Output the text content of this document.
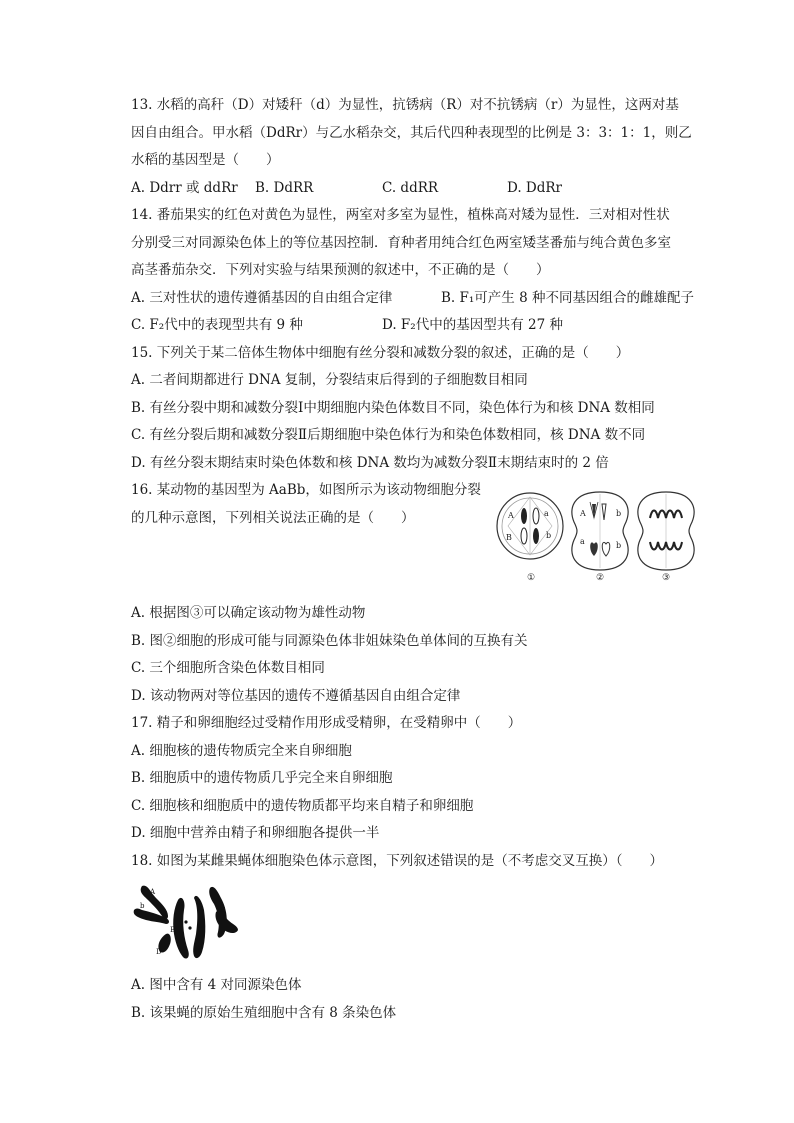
13. 水稻的高秆（D）对矮秆（d）为显性，抗锈病（R）对不抗锈病（r）为显性，这两对基
因自由组合。甲水稻（DdRr）与乙水稻杂交，其后代四种表现型的比例是 3：3：1：1，则乙
水稻的基因型是（　　）
A. Ddrr 或 ddRr B. DdRR	C. ddRR	D. DdRr
14. 番茄果实的红色对黄色为显性，两室对多室为显性，植株高对矮为显性．三对相对性状
分别受三对同源染色体上的等位基因控制．育种者用纯合红色两室矮茎番茄与纯合黄色多室
高茎番茄杂交．下列对实验与结果预测的叙述中，不正确的是（　　）
A. 三对性状的遗传遵循基因的自由组合定律	B. F₁可产生 8 种不同基因组合的雌雄配子
C. F₂代中的表现型共有 9 种	D. F₂代中的基因型共有 27 种
15. 下列关于某二倍体生物体中细胞有丝分裂和减数分裂的叙述，正确的是（　　）
A. 二者间期都进行 DNA 复制，分裂结束后得到的子细胞数目相同
B. 有丝分裂中期和减数分裂Ⅰ中期细胞内染色体数目不同，染色体行为和核 DNA 数相同
C. 有丝分裂后期和减数分裂Ⅱ后期细胞中染色体行为和染色体数相同，核 DNA 数不同
D. 有丝分裂末期结束时染色体数和核 DNA 数均为减数分裂Ⅱ末期结束时的 2 倍
16. 某动物的基因型为 AaBb，如图所示为该动物细胞分裂
的几种示意图，下列相关说法正确的是（　　）	A
B
a
b
A
a
b
b
①	②	③
A. 根据图③可以确定该动物为雄性动物
B. 图②细胞的形成可能与同源染色体非姐妹染色单体间的互换有关
C. 三个细胞所含染色体数目相同
D. 该动物两对等位基因的遗传不遵循基因自由组合定律
17. 精子和卵细胞经过受精作用形成受精卵，在受精卵中（　　）
A. 细胞核的遗传物质完全来自卵细胞
B. 细胞质中的遗传物质几乎完全来自卵细胞
C. 细胞核和细胞质中的遗传物质都平均来自精子和卵细胞
D. 细胞中营养由精子和卵细胞各提供一半
18. 如图为某雌果蝇体细胞染色体示意图，下列叙述错误的是（不考虑交叉互换）（　　）
A
a
b
B
C
c
D	d
A. 图中含有 4 对同源染色体
B. 该果蝇的原始生殖细胞中含有 8 条染色体
